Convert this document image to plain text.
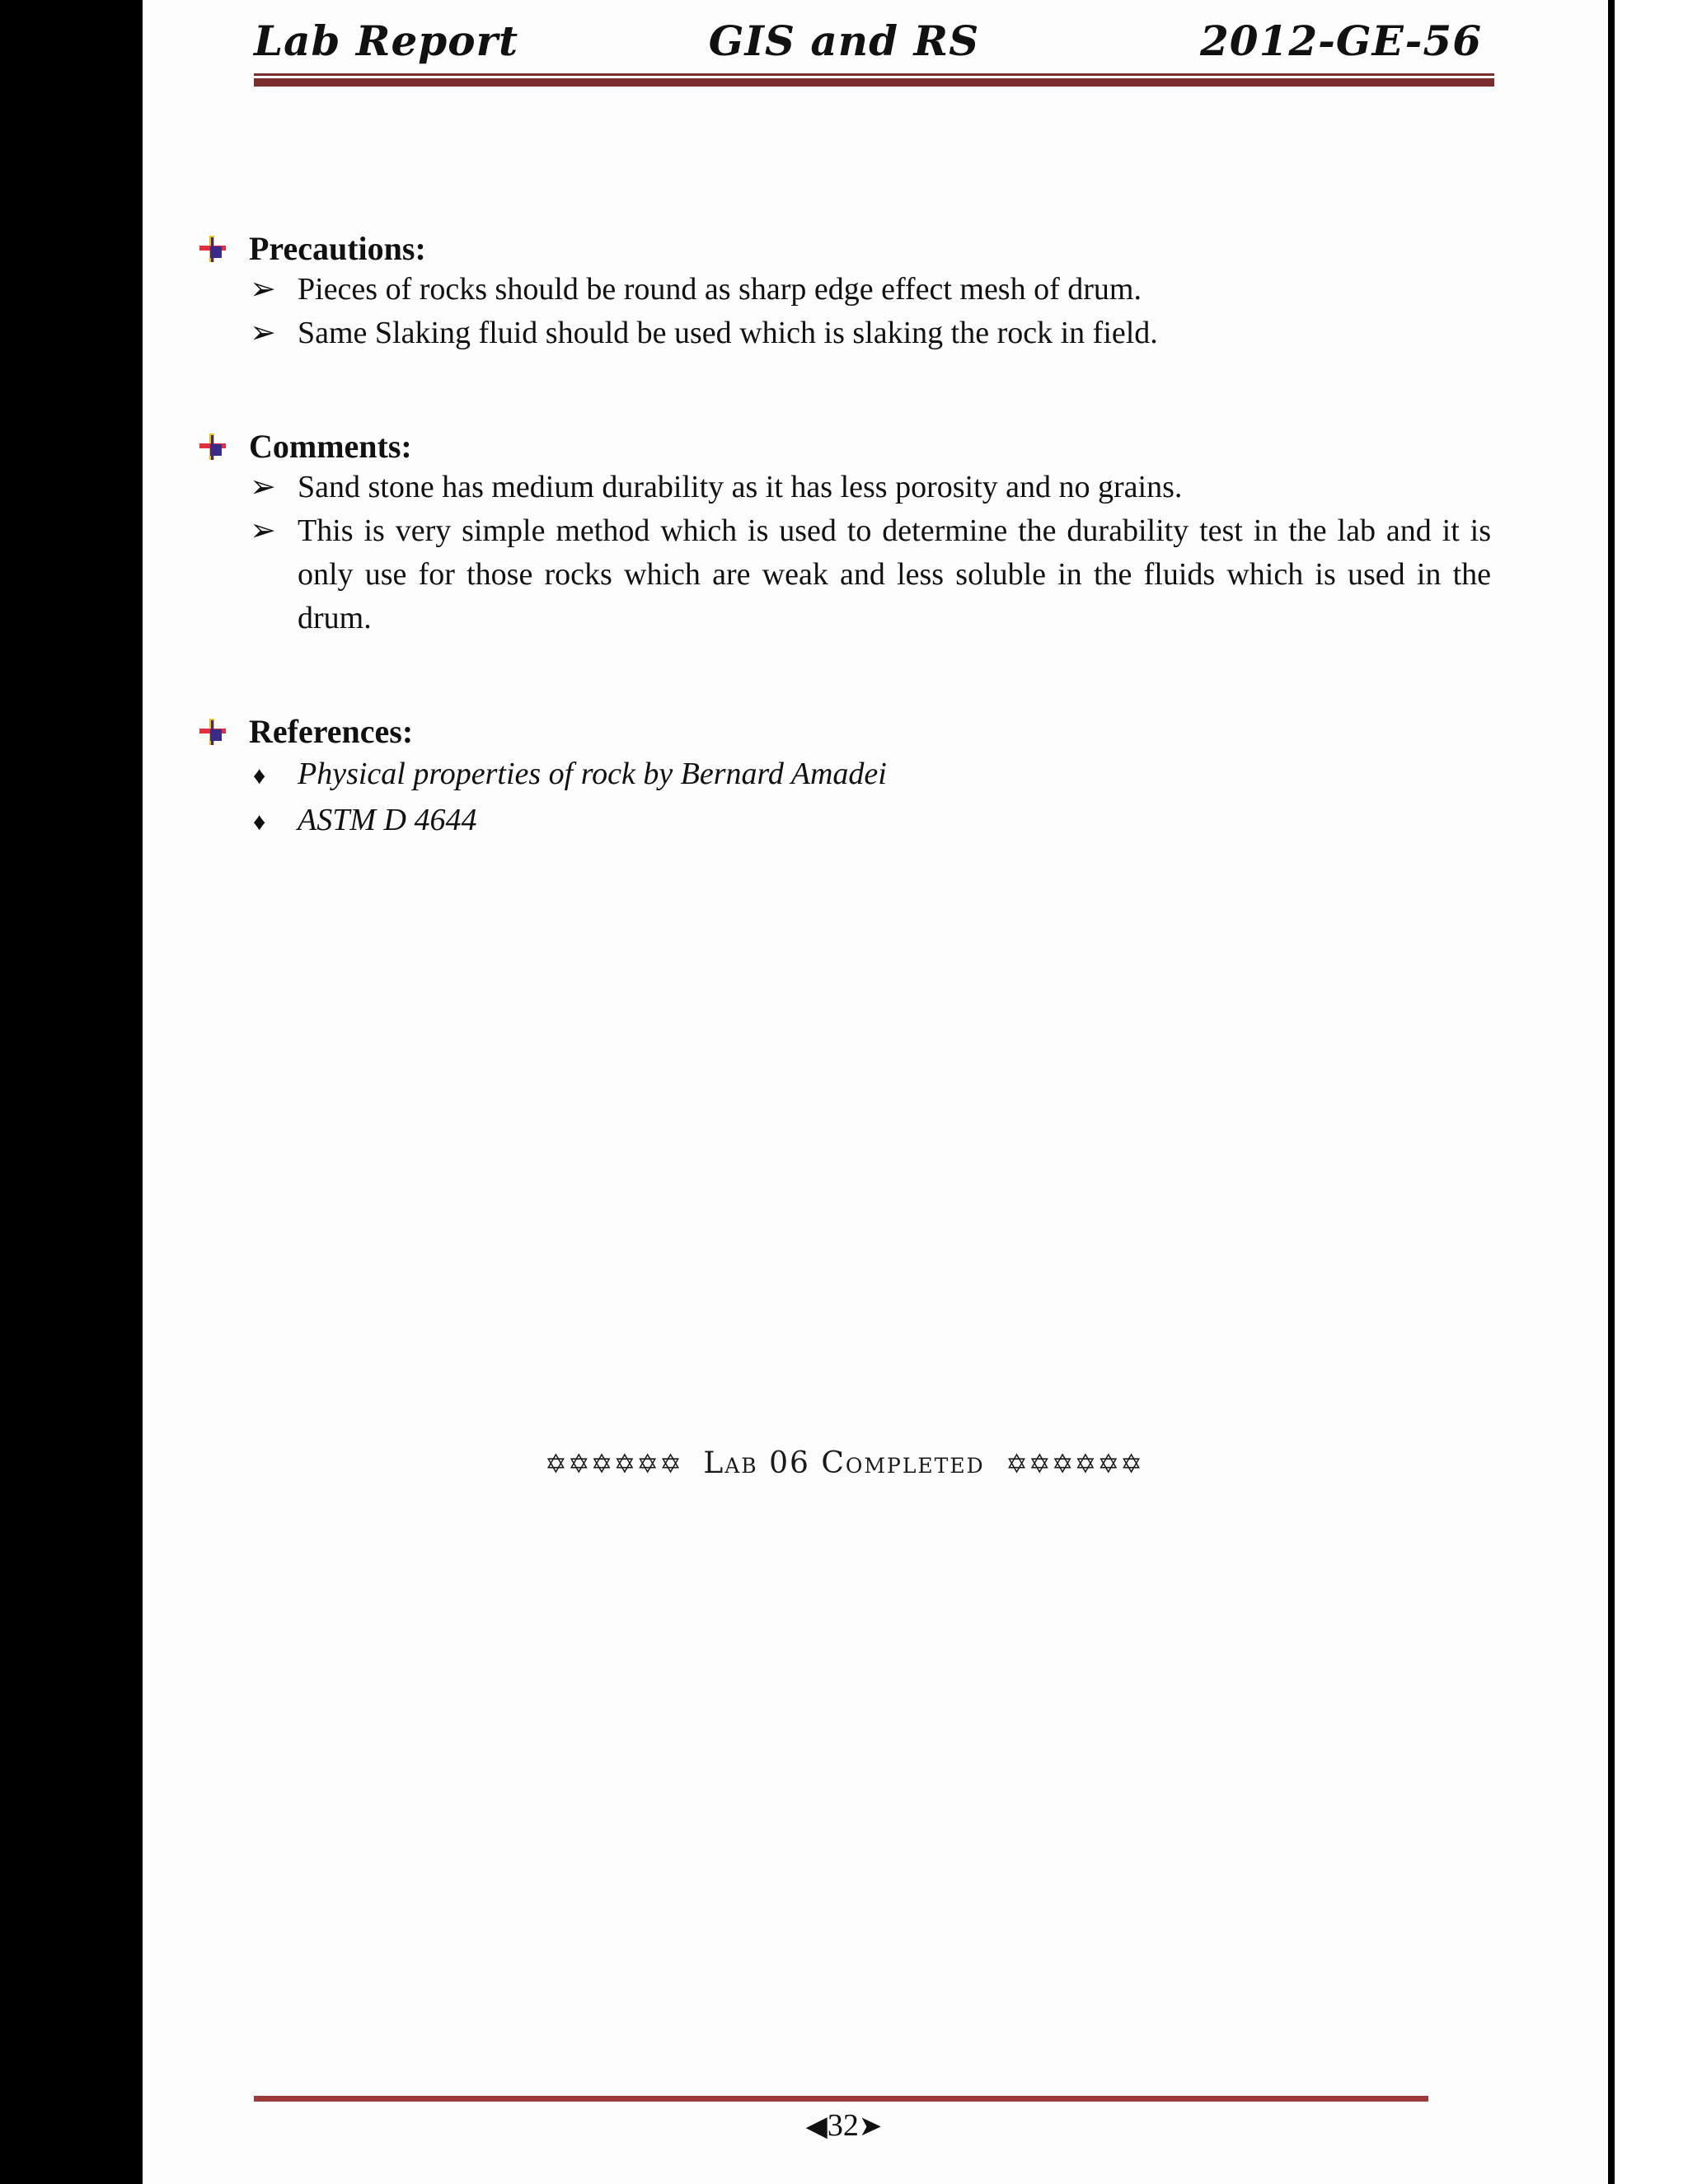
Lab Report	GIS and RS	2012-GE-56
Precautions:
➢ Pieces of rocks should be round as sharp edge effect mesh of drum.
➢ Same Slaking fluid should be used which is slaking the rock in field.
Comments:
➢ Sand stone has medium durability as it has less porosity and no grains.
➢ This is very simple method which is used to determine the durability test in the lab and it is only use for those rocks which are weak and less soluble in the fluids which is used in the drum.
References:
♦	Physical properties of rock by Bernard Amadei
♦	ASTM D 4644
✡✡✡✡✡✡ Lab 06 Completed ✡✡✡✡✡✡
◀32➤
